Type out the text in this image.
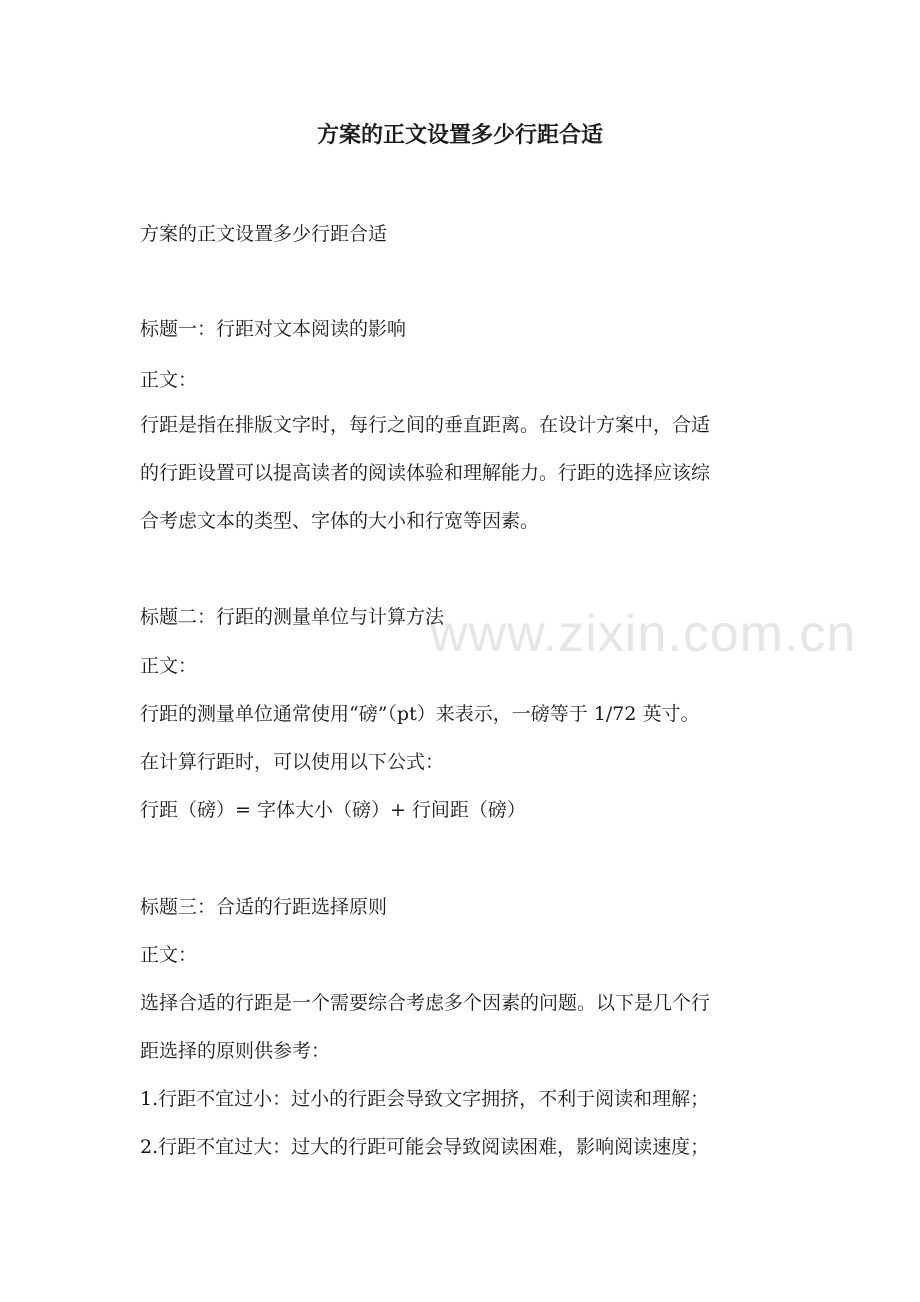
www.zixin.com.cn
方案的正文设置多少行距合适
方案的正文设置多少行距合适
标题一：行距对文本阅读的影响
正文：
行距是指在排版文字时，每行之间的垂直距离。在设计方案中，合适
的行距设置可以提高读者的阅读体验和理解能力。行距的选择应该综
合考虑文本的类型、字体的大小和行宽等因素。
标题二：行距的测量单位与计算方法
正文：
行距的测量单位通常使用“磅”（pt）来表示，一磅等于 1/72 英寸。
在计算行距时，可以使用以下公式：
行距（磅）= 字体大小（磅）+ 行间距（磅）
标题三：合适的行距选择原则
正文：
选择合适的行距是一个需要综合考虑多个因素的问题。以下是几个行
距选择的原则供参考：
1.行距不宜过小：过小的行距会导致文字拥挤，不利于阅读和理解；
2.行距不宜过大：过大的行距可能会导致阅读困难，影响阅读速度；
